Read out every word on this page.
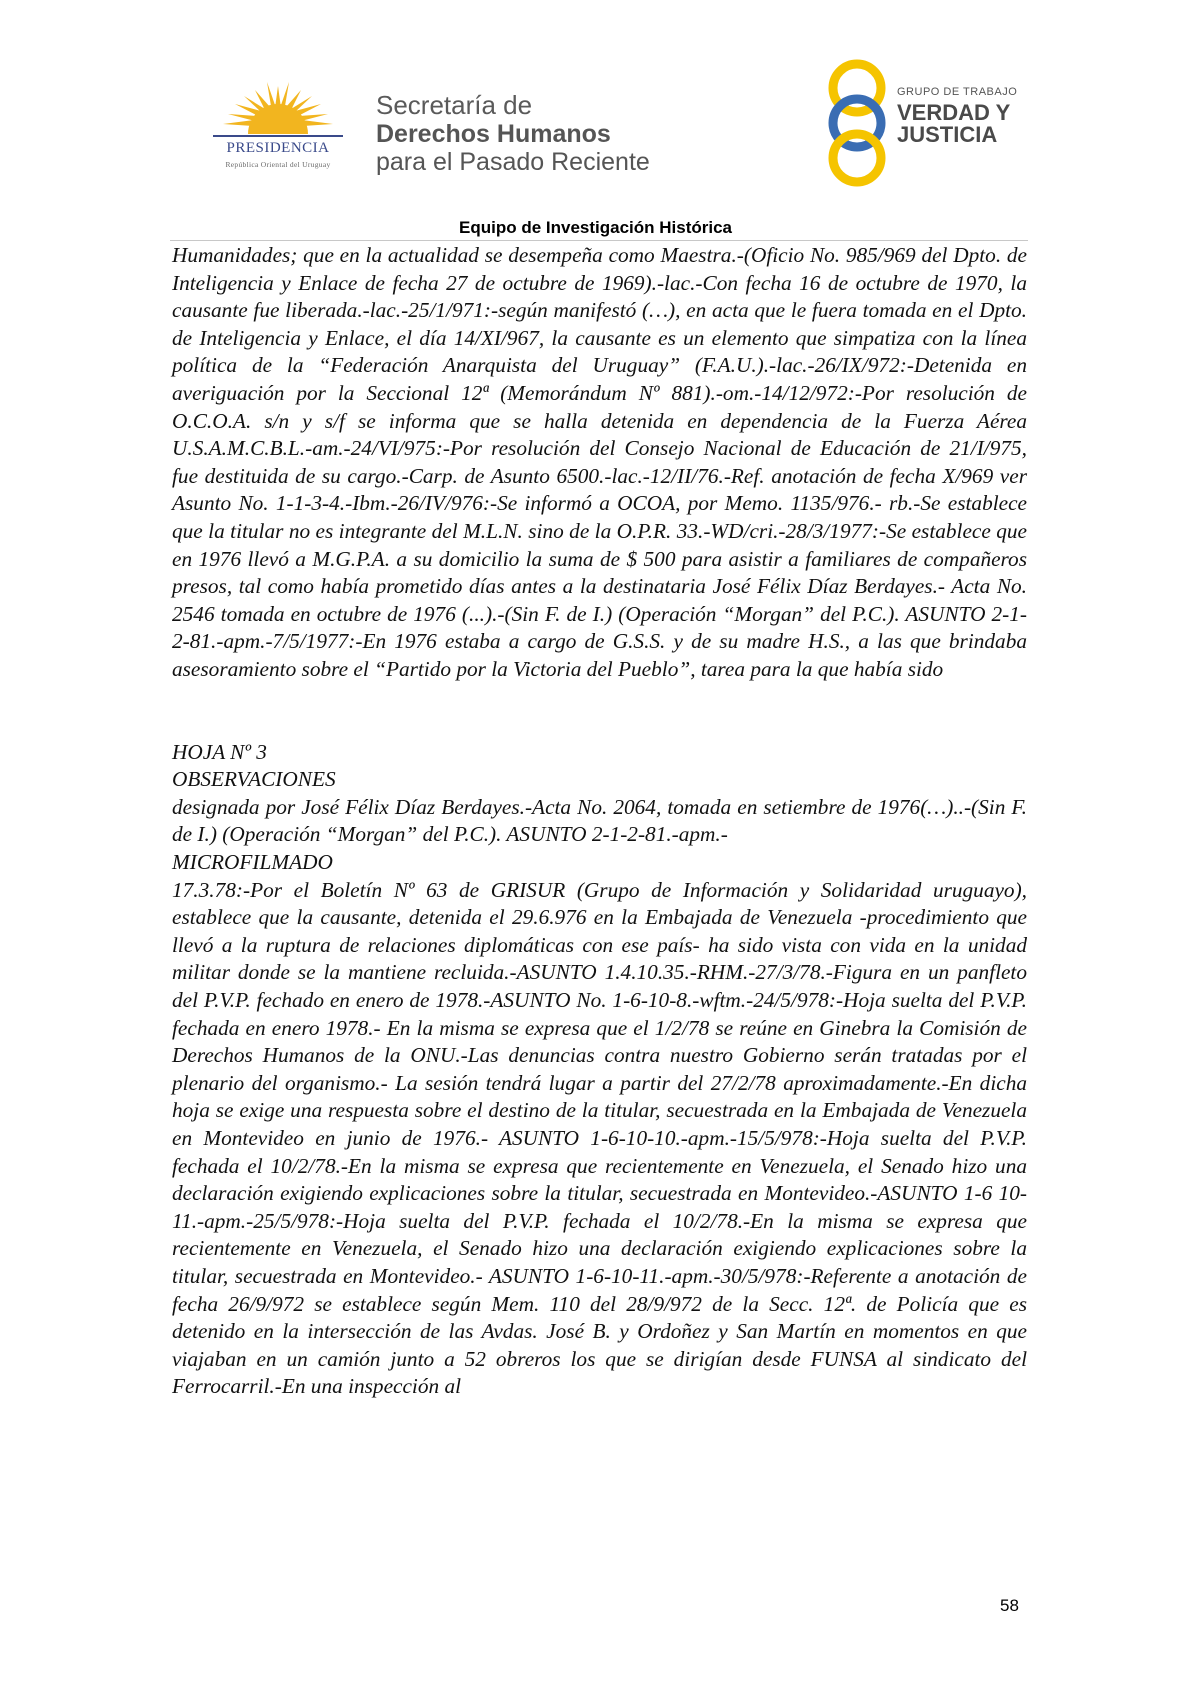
PRESIDENCIA
República Oriental del Uruguay
Secretaría de
Derechos Humanos
para el Pasado Reciente
GRUPO DE TRABAJO
VERDAD Y
JUSTICIA
Equipo de Investigación Histórica

Humanidades; que en la actualidad se desempeña como Maestra.-(Oficio No. 985/969 del Dpto. de Inteligencia y Enlace de fecha 27 de octubre de 1969).-lac.-Con fecha 16 de octubre de 1970, la causante fue liberada.-lac.-25/1/971:-según manifestó (…), en acta que le fuera tomada en el Dpto. de Inteligencia y Enlace, el día 14/XI/967, la causante es un elemento que simpatiza con la línea política de la “Federación Anarquista del Uruguay” (F.A.U.).-lac.-26/IX/972:-Detenida en averiguación por la Seccional 12ª (Memorándum Nº 881).-om.-14/12/972:-Por resolución de O.C.O.A. s/n y s/f se informa que se halla detenida en dependencia de la Fuerza Aérea U.S.A.M.C.B.L.-am.-24/VI/975:-Por resolución del Consejo Nacional de Educación de 21/I/975, fue destituida de su cargo.-Carp. de Asunto 6500.-lac.-12/II/76.-Ref. anotación de fecha X/969 ver Asunto No. 1-1-3-4.-Ibm.-26/IV/976:-Se informó a OCOA, por Memo. 1135/976.- rb.-Se establece que la titular no es integrante del M.L.N. sino de la O.P.R. 33.-WD/cri.-28/3/1977:-Se establece que en 1976 llevó a M.G.P.A. a su domicilio la suma de $ 500 para asistir a familiares de compañeros presos, tal como había prometido días antes a la destinataria José Félix Díaz Berdayes.- Acta No. 2546 tomada en octubre de 1976 (...).-(Sin F. de I.) (Operación “Morgan” del P.C.). ASUNTO 2-1-2-81.-apm.-7/5/1977:-En 1976 estaba a cargo de G.S.S. y de su madre H.S., a las que brindaba asesoramiento sobre el “Partido por la Victoria del Pueblo”, tarea para la que había sido

HOJA Nº 3

OBSERVACIONES

designada por José Félix Díaz Berdayes.-Acta No. 2064, tomada en setiembre de 1976(…)..-(Sin F. de I.) (Operación “Morgan” del P.C.). ASUNTO 2-1-2-81.-apm.-

MICROFILMADO

17.3.78:-Por el Boletín Nº 63 de GRISUR (Grupo de Información y Solidaridad uruguayo), establece que la causante, detenida el 29.6.976 en la Embajada de Venezuela -procedimiento que llevó a la ruptura de relaciones diplomáticas con ese país- ha sido vista con vida en la unidad militar donde se la mantiene recluida.-ASUNTO 1.4.10.35.-RHM.-27/3/78.-Figura en un panfleto del P.V.P. fechado en enero de 1978.-ASUNTO No. 1-6-10-8.-wftm.-24/5/978:-Hoja suelta del P.V.P. fechada en enero 1978.- En la misma se expresa que el 1/2/78 se reúne en Ginebra la Comisión de Derechos Humanos de la ONU.-Las denuncias contra nuestro Gobierno serán tratadas por el plenario del organismo.- La sesión tendrá lugar a partir del 27/2/78 aproximadamente.-En dicha hoja se exige una respuesta sobre el destino de la titular, secuestrada en la Embajada de Venezuela en Montevideo en junio de 1976.- ASUNTO 1-6-10-10.-apm.-15/5/978:-Hoja suelta del P.V.P. fechada el 10/2/78.-En la misma se expresa que recientemente en Venezuela, el Senado hizo una declaración exigiendo explicaciones sobre la titular, secuestrada en Montevideo.-ASUNTO 1-6 10-11.-apm.-25/5/978:-Hoja suelta del P.V.P. fechada el 10/2/78.-En la misma se expresa que recientemente en Venezuela, el Senado hizo una declaración exigiendo explicaciones sobre la titular, secuestrada en Montevideo.- ASUNTO 1-6-10-11.-apm.-30/5/978:-Referente a anotación de fecha 26/9/972 se establece según Mem. 110 del 28/9/972 de la Secc. 12ª. de Policía que es detenido en la intersección de las Avdas. José B. y Ordoñez y San Martín en momentos en que viajaban en un camión junto a 52 obreros los que se dirigían desde FUNSA al sindicato del Ferrocarril.-En una inspección al

58
